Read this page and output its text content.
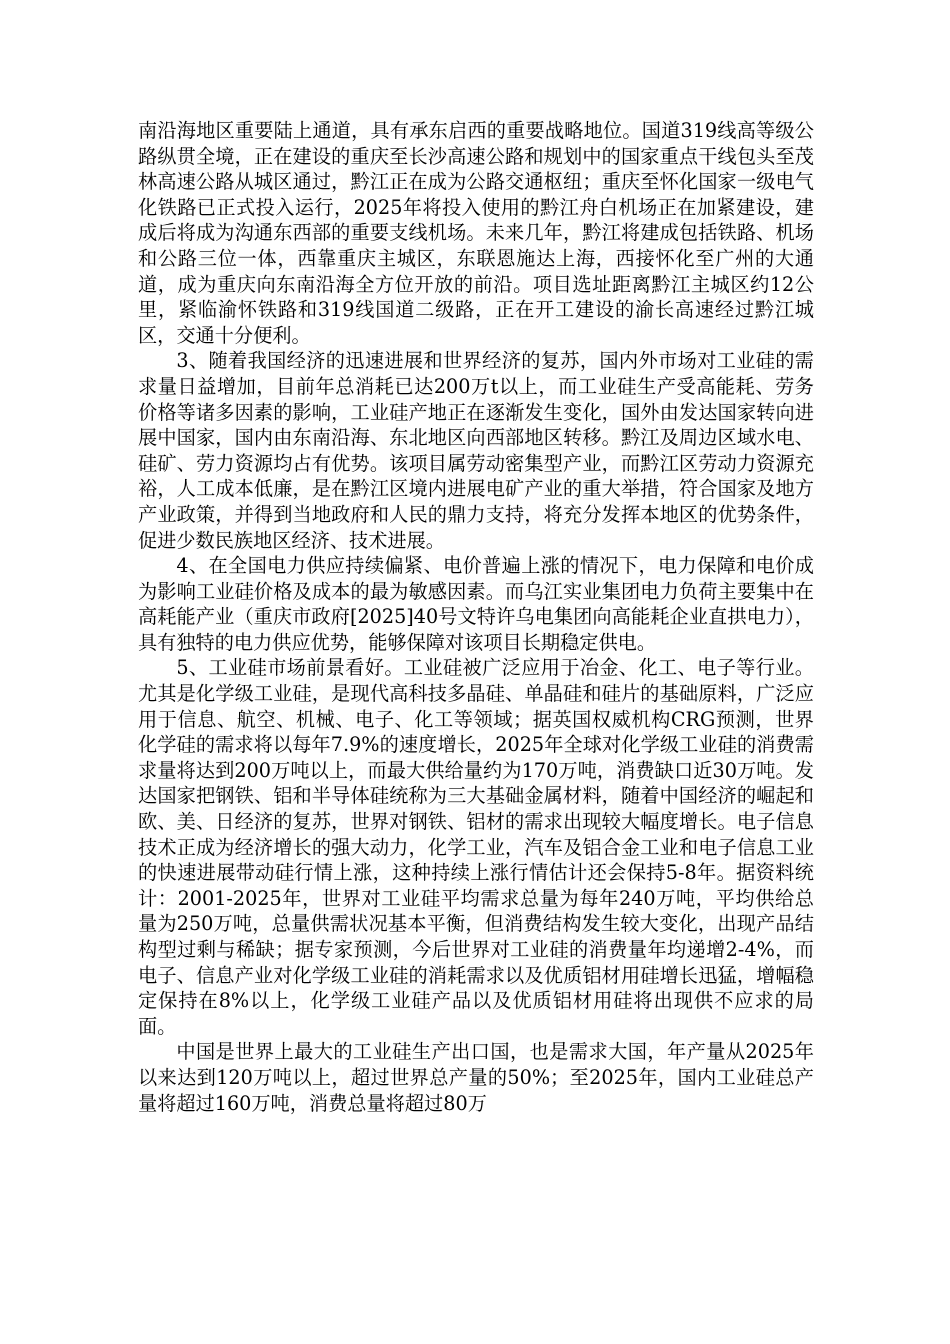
南沿海地区重要陆上通道，具有承东启西的重要战略地位。国道319线高等级公路纵贯全境，正在建设的重庆至长沙高速公路和规划中的国家重点干线包头至茂林高速公路从城区通过，黔江正在成为公路交通枢纽；重庆至怀化国家一级电气化铁路已正式投入运行，2025年将投入使用的黔江舟白机场正在加紧建设，建成后将成为沟通东西部的重要支线机场。未来几年，黔江将建成包括铁路、机场和公路三位一体，西靠重庆主城区，东联恩施达上海，西接怀化至广州的大通道，成为重庆向东南沿海全方位开放的前沿。项目选址距离黔江主城区约12公里，紧临渝怀铁路和319线国道二级路，正在开工建设的渝长高速经过黔江城区，交通十分便利。

3、随着我国经济的迅速进展和世界经济的复苏，国内外市场对工业硅的需求量日益增加，目前年总消耗已达200万t以上，而工业硅生产受高能耗、劳务价格等诸多因素的影响，工业硅产地正在逐渐发生变化，国外由发达国家转向进展中国家，国内由东南沿海、东北地区向西部地区转移。黔江及周边区域水电、硅矿、劳力资源均占有优势。该项目属劳动密集型产业，而黔江区劳动力资源充裕，人工成本低廉，是在黔江区境内进展电矿产业的重大举措，符合国家及地方产业政策，并得到当地政府和人民的鼎力支持，将充分发挥本地区的优势条件，促进少数民族地区经济、技术进展。

4、在全国电力供应持续偏紧、电价普遍上涨的情况下，电力保障和电价成为影响工业硅价格及成本的最为敏感因素。而乌江实业集团电力负荷主要集中在高耗能产业（重庆市政府[2025]40号文特许乌电集团向高能耗企业直拱电力），具有独特的电力供应优势，能够保障对该项目长期稳定供电。

5、工业硅市场前景看好。工业硅被广泛应用于冶金、化工、电子等行业。尤其是化学级工业硅，是现代高科技多晶硅、单晶硅和硅片的基础原料，广泛应用于信息、航空、机械、电子、化工等领域；据英国权威机构CRG预测，世界化学硅的需求将以每年7.9%的速度增长，2025年全球对化学级工业硅的消费需求量将达到200万吨以上，而最大供给量约为170万吨，消费缺口近30万吨。发达国家把钢铁、铝和半导体硅统称为三大基础金属材料，随着中国经济的崛起和欧、美、日经济的复苏，世界对钢铁、铝材的需求出现较大幅度增长。电子信息技术正成为经济增长的强大动力，化学工业，汽车及铝合金工业和电子信息工业的快速进展带动硅行情上涨，这种持续上涨行情估计还会保持5-8年。据资料统计：2001-2025年，世界对工业硅平均需求总量为每年240万吨，平均供给总量为250万吨，总量供需状况基本平衡，但消费结构发生较大变化，出现产品结构型过剩与稀缺；据专家预测，今后世界对工业硅的消费量年均递增2-4%，而电子、信息产业对化学级工业硅的消耗需求以及优质铝材用硅增长迅猛，增幅稳定保持在8%以上，化学级工业硅产品以及优质铝材用硅将出现供不应求的局面。

中国是世界上最大的工业硅生产出口国，也是需求大国，年产量从2025年以来达到120万吨以上，超过世界总产量的50%；至2025年，国内工业硅总产量将超过160万吨，消费总量将超过80万
